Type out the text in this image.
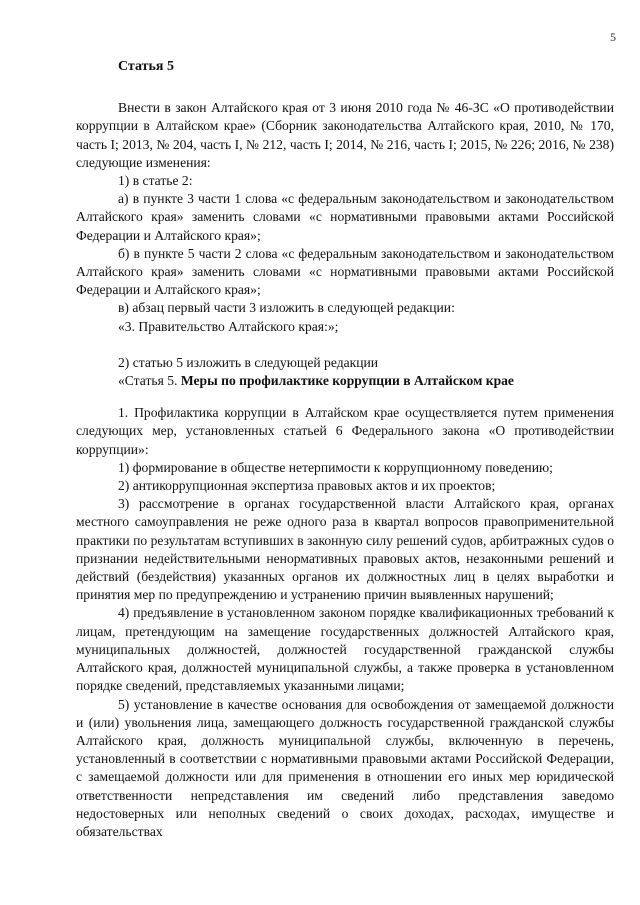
5
Статья 5

Внести в закон Алтайского края от 3 июня 2010 года № 46-ЗС «О противодействии коррупции в Алтайском крае» (Сборник законодательства Алтайского края, 2010, № 170, часть I; 2013, № 204, часть I, № 212, часть I; 2014, № 216, часть I; 2015, № 226; 2016, № 238) следующие изменения:

1) в статье 2:

а) в пункте 3 части 1 слова «с федеральным законодательством и законодательством Алтайского края» заменить словами «с нормативными правовыми актами Российской Федерации и Алтайского края»;

б) в пункте 5 части 2 слова «с федеральным законодательством и законодательством Алтайского края» заменить словами «с нормативными правовыми актами Российской Федерации и Алтайского края»;

в) абзац первый части 3 изложить в следующей редакции:

«3. Правительство Алтайского края:»;

2) статью 5 изложить в следующей редакции

«Статья 5. Меры по профилактике коррупции в Алтайском крае

1. Профилактика коррупции в Алтайском крае осуществляется путем применения следующих мер, установленных статьей 6 Федерального закона «О противодействии коррупции»:

1) формирование в обществе нетерпимости к коррупционному поведению;

2) антикоррупционная экспертиза правовых актов и их проектов;

3) рассмотрение в органах государственной власти Алтайского края, органах местного самоуправления не реже одного раза в квартал вопросов правоприменительной практики по результатам вступивших в законную силу решений судов, арбитражных судов о признании недействительными ненормативных правовых актов, незаконными решений и действий (бездействия) указанных органов их должностных лиц в целях выработки и принятия мер по предупреждению и устранению причин выявленных нарушений;

4) предъявление в установленном законом порядке квалификационных требований к лицам, претендующим на замещение государственных должностей Алтайского края, муниципальных должностей, должностей государственной гражданской службы Алтайского края, должностей муниципальной службы, а также проверка в установленном порядке сведений, представляемых указанными лицами;

5) установление в качестве основания для освобождения от замещаемой должности и (или) увольнения лица, замещающего должность государственной гражданской службы Алтайского края, должность муниципальной службы, включенную в перечень, установленный в соответствии с нормативными правовыми актами Российской Федерации, с замещаемой должности или для применения в отношении его иных мер юридической ответственности непредставления им сведений либо представления заведомо недостоверных или неполных сведений о своих доходах, расходах, имуществе и обязательствах
